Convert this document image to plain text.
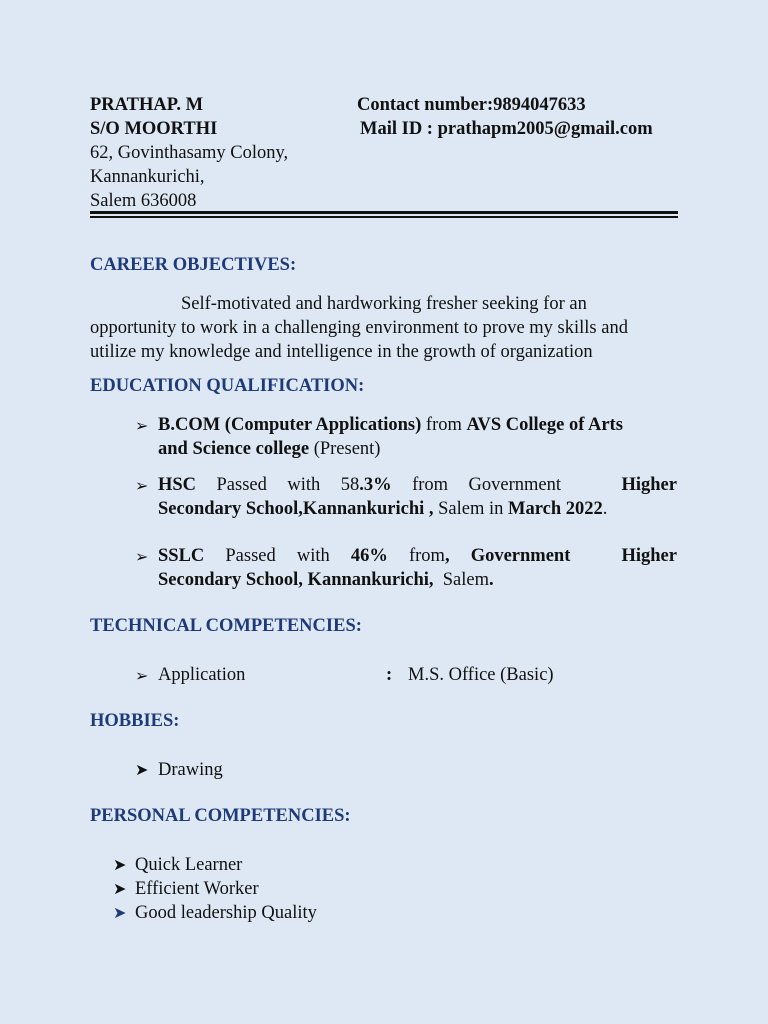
PRATHAP. M
S/O MOORTHI
62, Govinthasamy Colony,
Kannankurichi,
Salem 636008
Contact number:9894047633
Mail ID : prathapm2005@gmail.com
CAREER OBJECTIVES:
Self-motivated and hardworking fresher seeking for an
opportunity to work in a challenging environment to prove my skills and
utilize my knowledge and intelligence in the growth of organization
EDUCATION QUALIFICATION:
➢ B.COM (Computer Applications) from AVS College of Arts
and Science college (Present)
➢ HSC Passed with 58.3% from Government	Higher
Secondary School,Kannankurichi , Salem in March 2022.
➢ SSLC Passed with 46% from, Government	Higher
Secondary School, Kannankurichi,  Salem.
TECHNICAL COMPETENCIES:
➢ Application	: M.S. Office (Basic)
HOBBIES:
➤ Drawing
PERSONAL COMPETENCIES:
➤ Quick Learner
➤ Efficient Worker
➤ Good leadership Quality
